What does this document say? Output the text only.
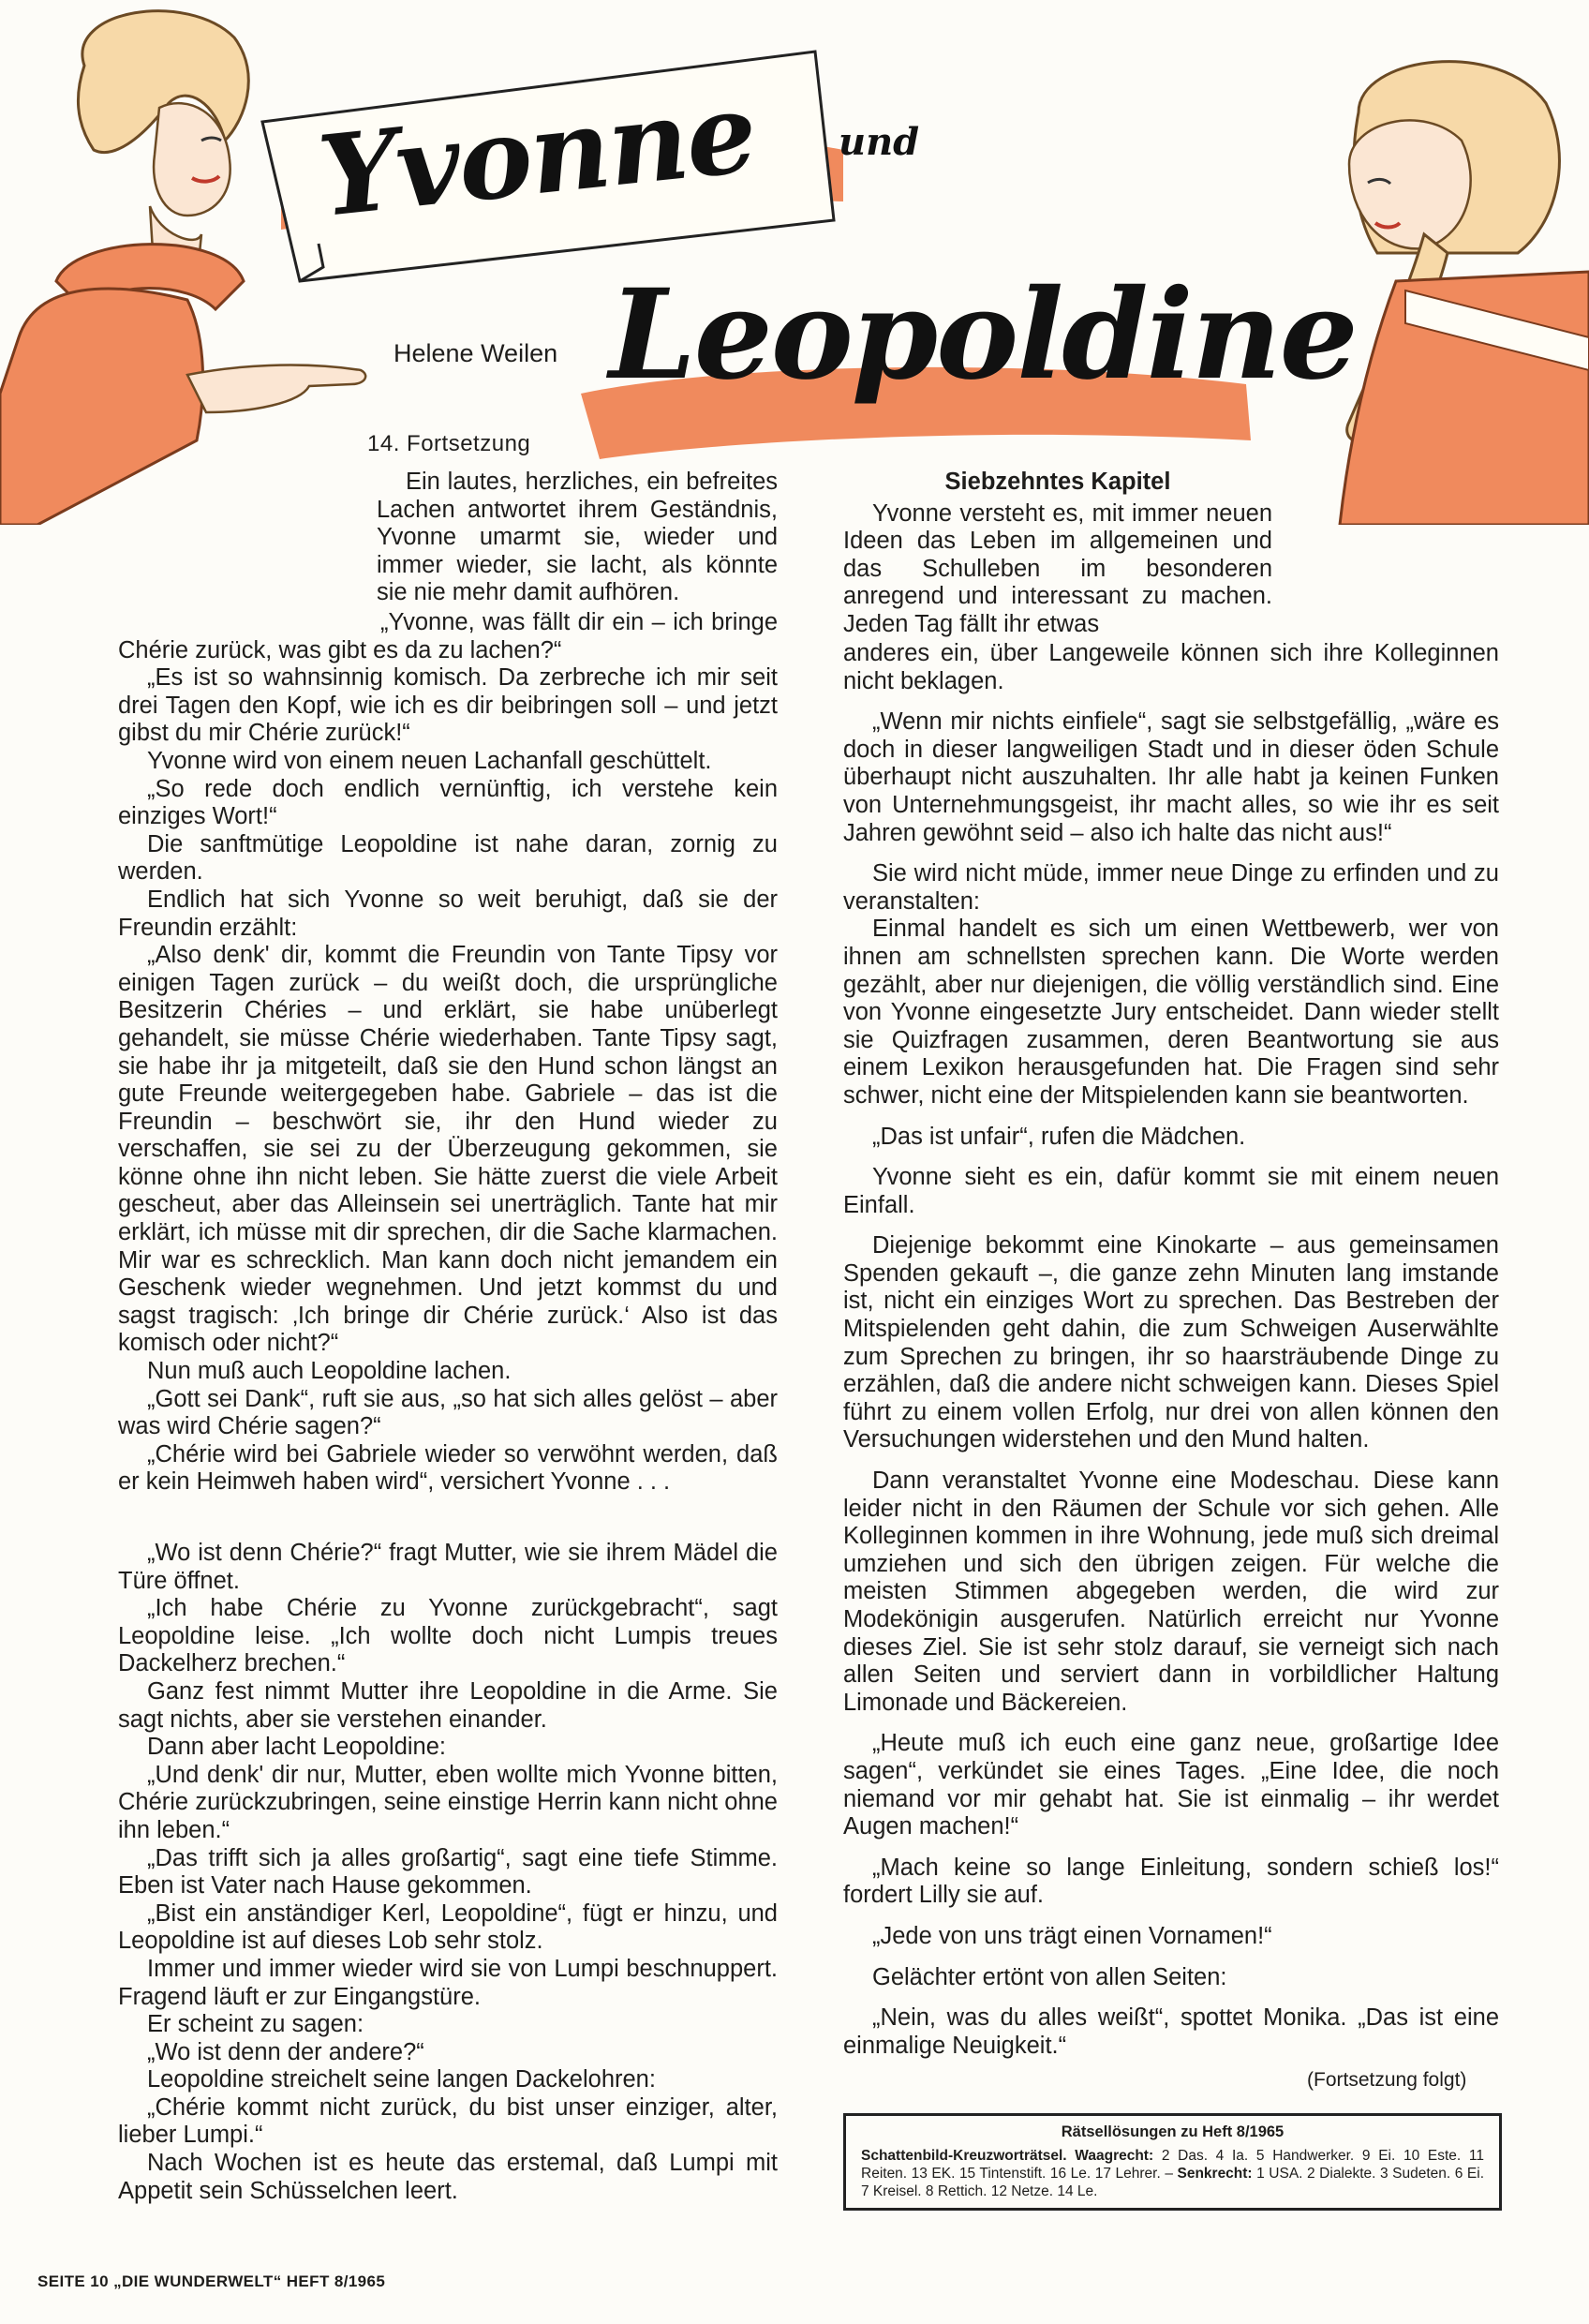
Yvonne und
Leopoldine
Helene Weilen
14. Fortsetzung

Ein lautes, herzliches, ein befreites Lachen antwortet ihrem Geständnis, Yvonne umarmt sie, wieder und immer wieder, sie lacht, als könnte sie nie mehr damit aufhören.

„Yvonne, was fällt dir ein – ich bringe Chérie zurück, was gibt es da zu lachen?“

„Es ist so wahnsinnig komisch. Da zerbreche ich mir seit drei Tagen den Kopf, wie ich es dir beibringen soll – und jetzt gibst du mir Chérie zurück!“

Yvonne wird von einem neuen Lachanfall geschüttelt.

„So rede doch endlich vernünftig, ich verstehe kein einziges Wort!“

Die sanftmütige Leopoldine ist nahe daran, zornig zu werden.

Endlich hat sich Yvonne so weit beruhigt, daß sie der Freundin erzählt:

„Also denk' dir, kommt die Freundin von Tante Tipsy vor einigen Tagen zurück – du weißt doch, die ursprüngliche Besitzerin Chéries – und erklärt, sie habe unüberlegt gehandelt, sie müsse Chérie wiederhaben. Tante Tipsy sagt, sie habe ihr ja mitgeteilt, daß sie den Hund schon längst an gute Freunde weitergegeben habe. Gabriele – das ist die Freundin – beschwört sie, ihr den Hund wieder zu verschaffen, sie sei zu der Überzeugung gekommen, sie könne ohne ihn nicht leben. Sie hätte zuerst die viele Arbeit gescheut, aber das Alleinsein sei unerträglich. Tante hat mir erklärt, ich müsse mit dir sprechen, dir die Sache klarmachen. Mir war es schrecklich. Man kann doch nicht jemandem ein Geschenk wieder wegnehmen. Und jetzt kommst du und sagst tragisch: ‚Ich bringe dir Chérie zurück.‘ Also ist das komisch oder nicht?“

Nun muß auch Leopoldine lachen.

„Gott sei Dank“, ruft sie aus, „so hat sich alles gelöst – aber was wird Chérie sagen?“

„Chérie wird bei Gabriele wieder so verwöhnt werden, daß er kein Heimweh haben wird“, versichert Yvonne . . .

„Wo ist denn Chérie?“ fragt Mutter, wie sie ihrem Mädel die Türe öffnet.

„Ich habe Chérie zu Yvonne zurückgebracht“, sagt Leopoldine leise. „Ich wollte doch nicht Lumpis treues Dackelherz brechen.“

Ganz fest nimmt Mutter ihre Leopoldine in die Arme. Sie sagt nichts, aber sie verstehen einander.

Dann aber lacht Leopoldine:

„Und denk' dir nur, Mutter, eben wollte mich Yvonne bitten, Chérie zurückzubringen, seine einstige Herrin kann nicht ohne ihn leben.“

„Das trifft sich ja alles großartig“, sagt eine tiefe Stimme. Eben ist Vater nach Hause gekommen.

„Bist ein anständiger Kerl, Leopoldine“, fügt er hinzu, und Leopoldine ist auf dieses Lob sehr stolz.

Immer und immer wieder wird sie von Lumpi beschnuppert. Fragend läuft er zur Eingangstüre.

Er scheint zu sagen:

„Wo ist denn der andere?“

Leopoldine streichelt seine langen Dackelohren:

„Chérie kommt nicht zurück, du bist unser einziger, alter, lieber Lumpi.“

Nach Wochen ist es heute das erstemal, daß Lumpi mit Appetit sein Schüsselchen leert.

Siebzehntes Kapitel

Yvonne versteht es, mit immer neuen Ideen das Leben im allgemeinen und das Schulleben im besonderen anregend und interessant zu machen. Jeden Tag fällt ihr etwas

anderes ein, über Langeweile können sich ihre Kolleginnen nicht beklagen.

„Wenn mir nichts einfiele“, sagt sie selbstgefällig, „wäre es doch in dieser langweiligen Stadt und in dieser öden Schule überhaupt nicht auszuhalten. Ihr alle habt ja keinen Funken von Unternehmungsgeist, ihr macht alles, so wie ihr es seit Jahren gewöhnt seid – also ich halte das nicht aus!“

Sie wird nicht müde, immer neue Dinge zu erfinden und zu veranstalten:

Einmal handelt es sich um einen Wettbewerb, wer von ihnen am schnellsten sprechen kann. Die Worte werden gezählt, aber nur diejenigen, die völlig verständlich sind. Eine von Yvonne eingesetzte Jury entscheidet. Dann wieder stellt sie Quizfragen zusammen, deren Beantwortung sie aus einem Lexikon herausgefunden hat. Die Fragen sind sehr schwer, nicht eine der Mitspielenden kann sie beantworten.

„Das ist unfair“, rufen die Mädchen.

Yvonne sieht es ein, dafür kommt sie mit einem neuen Einfall.

Diejenige bekommt eine Kinokarte – aus gemeinsamen Spenden gekauft –, die ganze zehn Minuten lang imstande ist, nicht ein einziges Wort zu sprechen. Das Bestreben der Mitspielenden geht dahin, die zum Schweigen Auserwählte zum Sprechen zu bringen, ihr so haarsträubende Dinge zu erzählen, daß die andere nicht schweigen kann. Dieses Spiel führt zu einem vollen Erfolg, nur drei von allen können den Versuchungen widerstehen und den Mund halten.

Dann veranstaltet Yvonne eine Modeschau. Diese kann leider nicht in den Räumen der Schule vor sich gehen. Alle Kolleginnen kommen in ihre Wohnung, jede muß sich dreimal umziehen und sich den übrigen zeigen. Für welche die meisten Stimmen abgegeben werden, die wird zur Modekönigin ausgerufen. Natürlich erreicht nur Yvonne dieses Ziel. Sie ist sehr stolz darauf, sie verneigt sich nach allen Seiten und serviert dann in vorbildlicher Haltung Limonade und Bäckereien.

„Heute muß ich euch eine ganz neue, großartige Idee sagen“, verkündet sie eines Tages. „Eine Idee, die noch niemand vor mir gehabt hat. Sie ist einmalig – ihr werdet Augen machen!“

„Mach keine so lange Einleitung, sondern schieß los!“ fordert Lilly sie auf.

„Jede von uns trägt einen Vornamen!“

Gelächter ertönt von allen Seiten:

„Nein, was du alles weißt“, spottet Monika. „Das ist eine einmalige Neuigkeit.“

(Fortsetzung folgt)
Rätsellösungen zu Heft 8/1965
Schattenbild-Kreuzworträtsel. Waagrecht: 2 Das. 4 Ia. 5 Handwerker. 9 Ei. 10 Este. 11 Reiten. 13 EK. 15 Tintenstift. 16 Le. 17 Lehrer. – Senkrecht: 1 USA. 2 Dialekte. 3 Sudeten. 6 Ei. 7 Kreisel. 8 Rettich. 12 Netze. 14 Le.
SEITE 10 „DIE WUNDERWELT“ HEFT 8/1965
